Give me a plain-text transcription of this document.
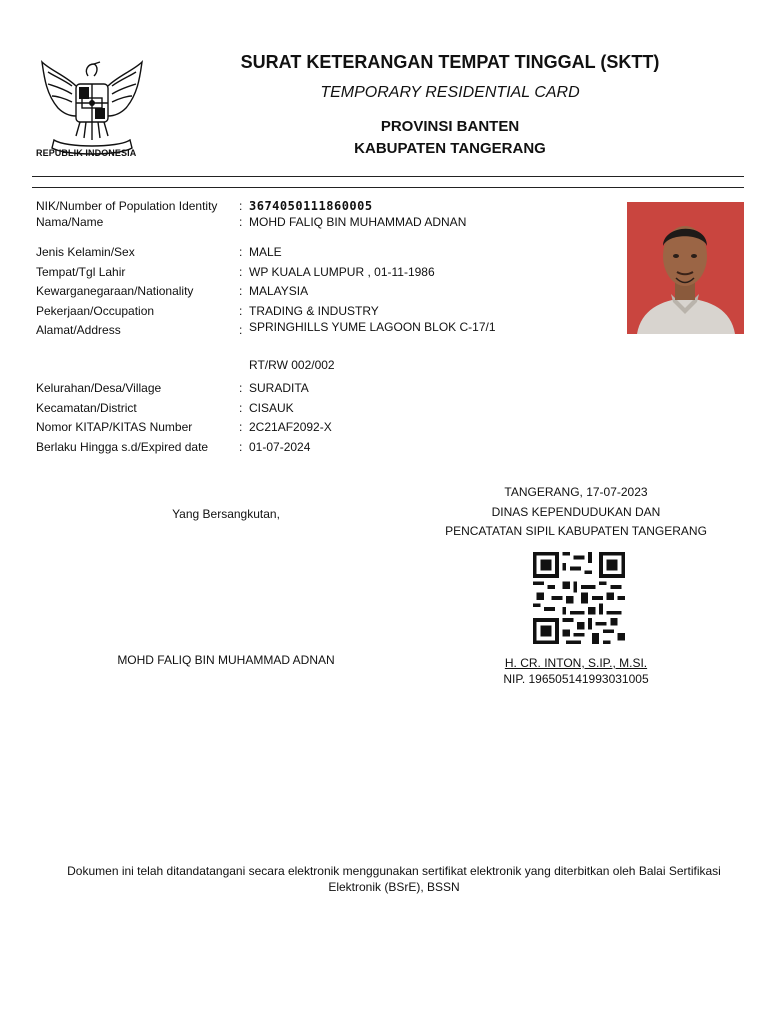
REPUBLIK INDONESIA
SURAT KETERANGAN TEMPAT TINGGAL (SKTT)
TEMPORARY RESIDENTIAL CARD
PROVINSI BANTEN
KABUPATEN TANGERANG
NIK/Number of Population Identity : 3674050111860005
Nama/Name	: MOHD FALIQ BIN MUHAMMAD ADNAN
Jenis Kelamin/Sex	: MALE
Tempat/Tgl Lahir	: WP KUALA LUMPUR , 01-11-1986
Kewarganegaraan/Nationality	: MALAYSIA
Pekerjaan/Occupation	: TRADING & INDUSTRY
Alamat/Address	: SPRINGHILLS YUME LAGOON BLOK C-17/1
RT/RW 002/002
Kelurahan/Desa/Village	: SURADITA
Kecamatan/District	: CISAUK
Nomor KITAP/KITAS Number	: 2C21AF2092-X
Berlaku Hingga s.d/Expired date	: 01-07-2024
TANGERANG, 17-07-2023
Yang Bersangkutan,	DINAS KEPENDUDUKAN DAN
PENCATATAN SIPIL KABUPATEN TANGERANG
MOHD FALIQ BIN MUHAMMAD ADNAN	H. CR. INTON, S.IP., M.SI.
NIP. 196505141993031005
Dokumen ini telah ditandatangani secara elektronik menggunakan sertifikat elektronik yang diterbitkan oleh Balai Sertifikasi
Elektronik (BSrE), BSSN
